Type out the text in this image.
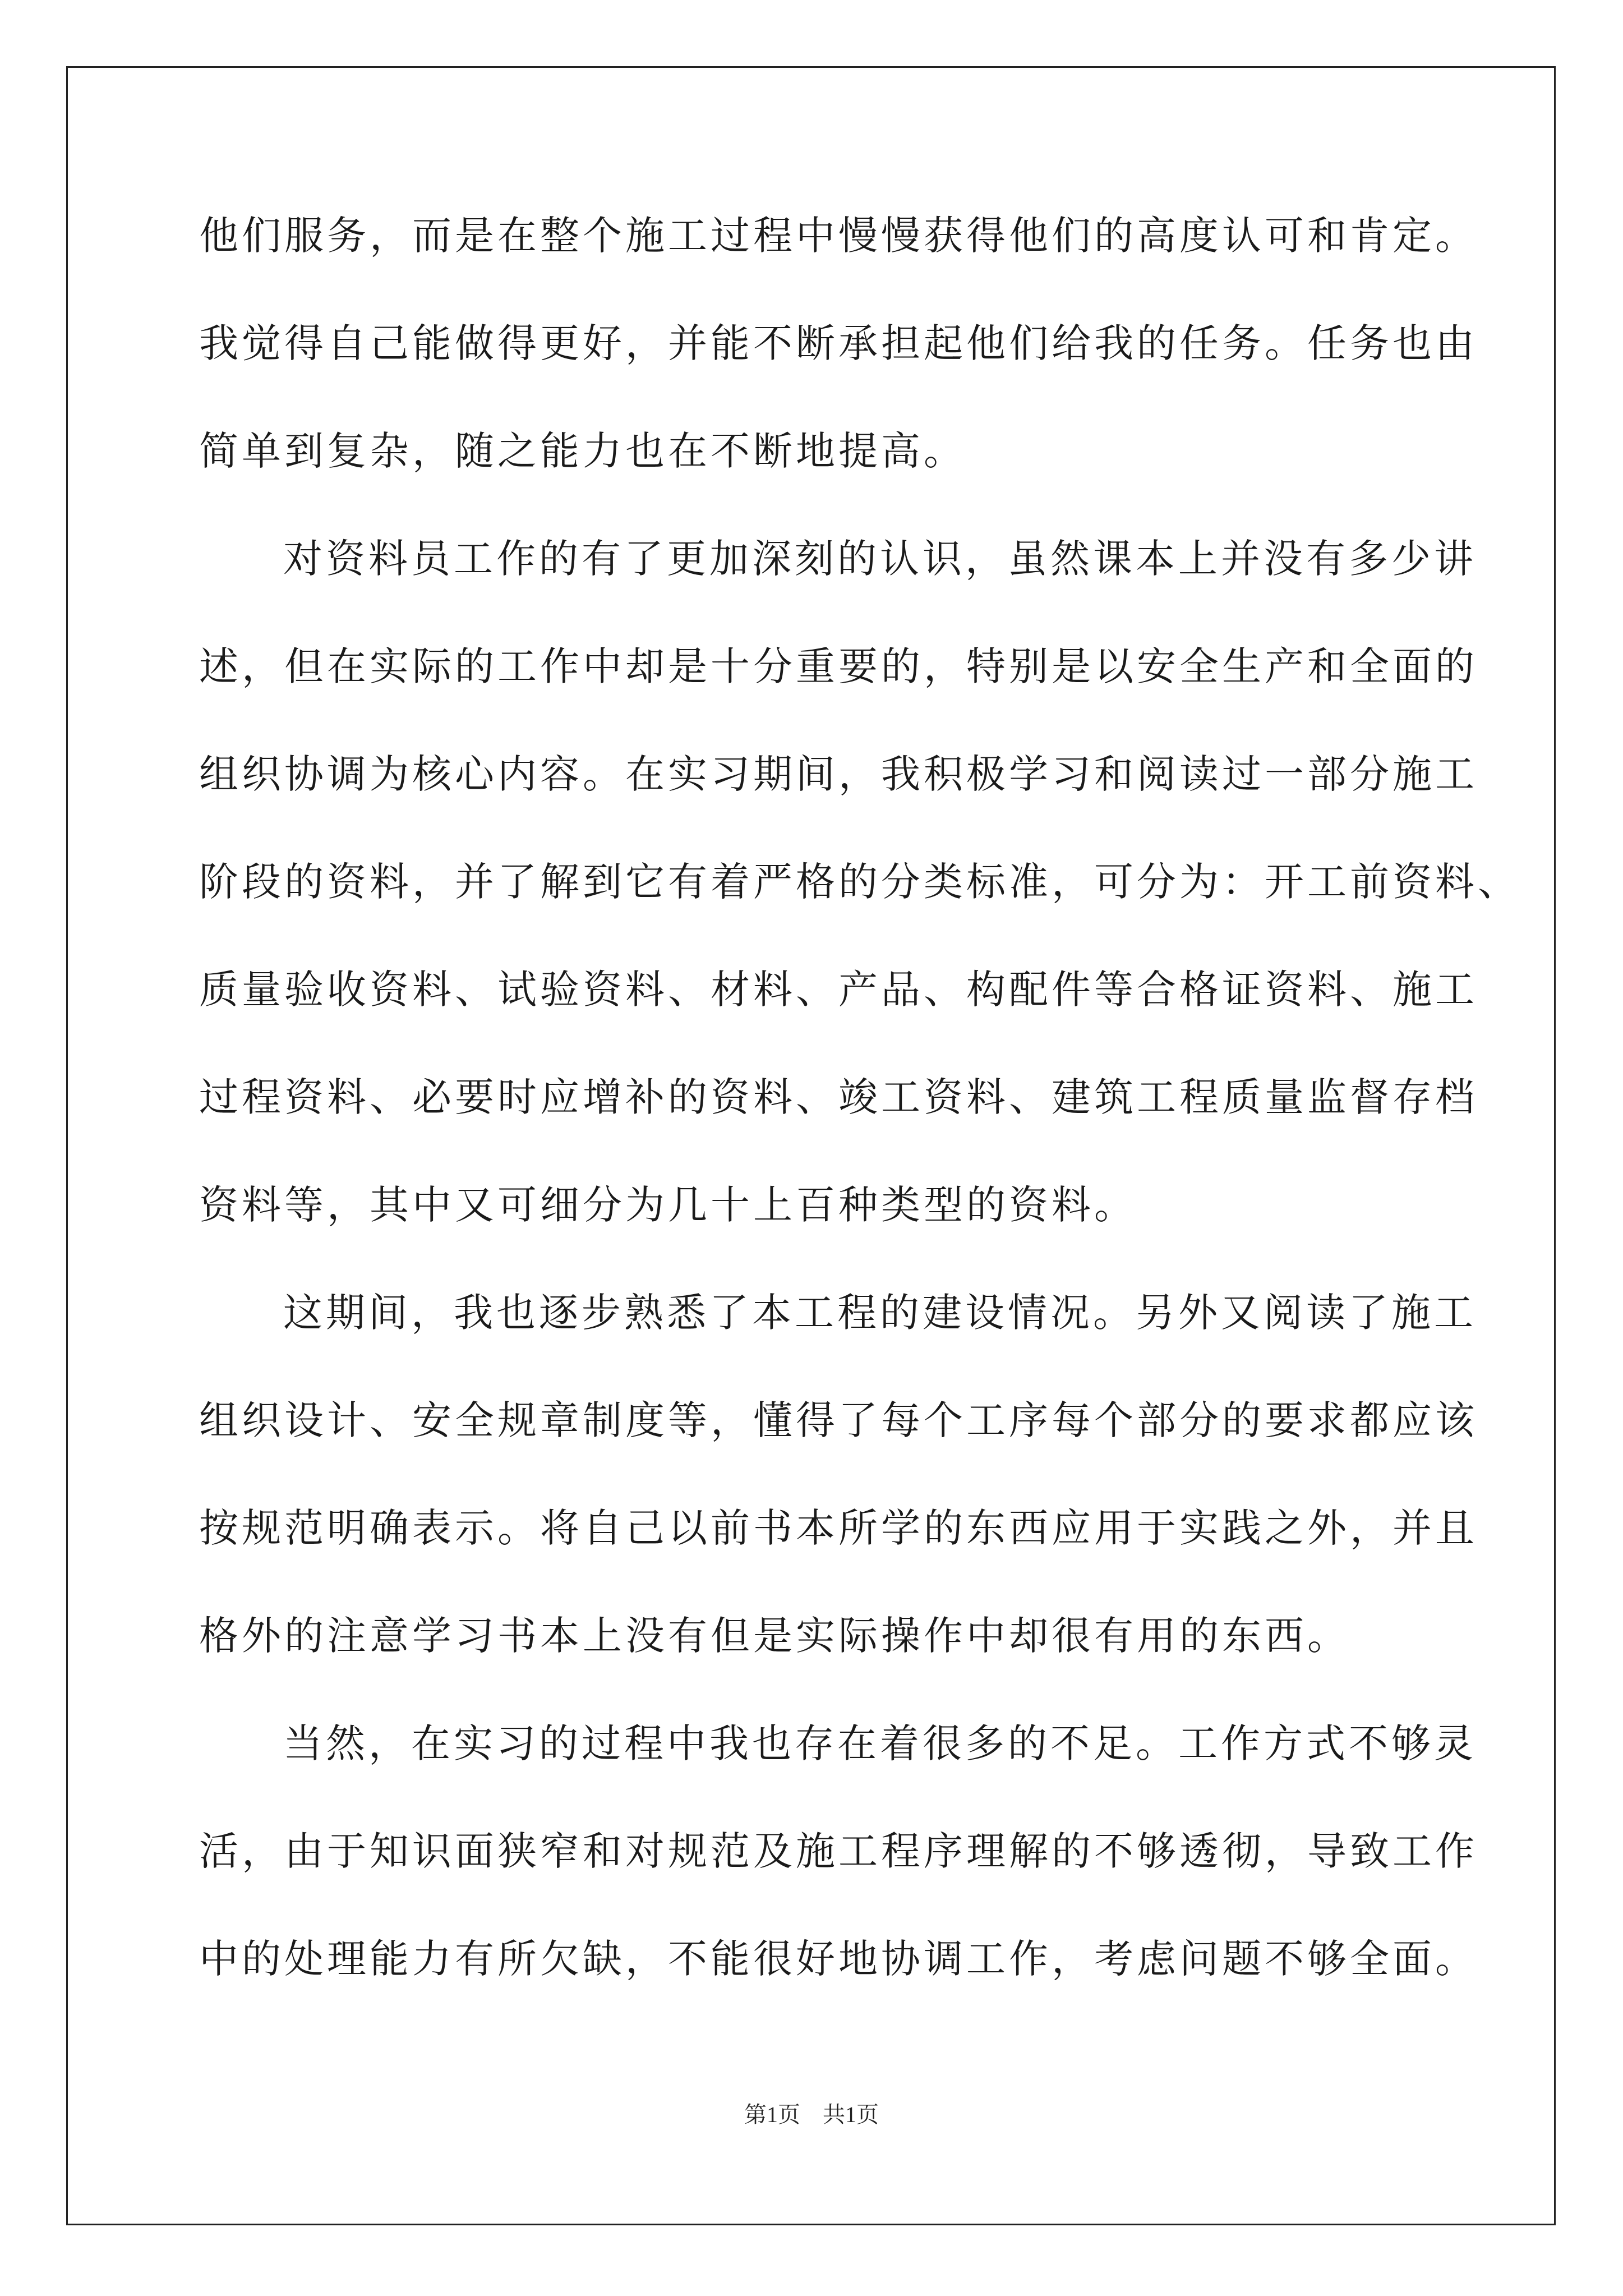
他们服务，而是在整个施工过程中慢慢获得他们的高度认可和肯定。
我觉得自己能做得更好，并能不断承担起他们给我的任务。任务也由
简单到复杂，随之能力也在不断地提高。
对资料员工作的有了更加深刻的认识，虽然课本上并没有多少讲
述，但在实际的工作中却是十分重要的，特别是以安全生产和全面的
组织协调为核心内容。在实习期间，我积极学习和阅读过一部分施工
阶段的资料，并了解到它有着严格的分类标准，可分为：开工前资料、
质量验收资料、试验资料、材料、产品、构配件等合格证资料、施工
过程资料、必要时应增补的资料、竣工资料、建筑工程质量监督存档
资料等，其中又可细分为几十上百种类型的资料。
这期间，我也逐步熟悉了本工程的建设情况。另外又阅读了施工
组织设计、安全规章制度等，懂得了每个工序每个部分的要求都应该
按规范明确表示。将自己以前书本所学的东西应用于实践之外，并且
格外的注意学习书本上没有但是实际操作中却很有用的东西。
当然，在实习的过程中我也存在着很多的不足。工作方式不够灵
活，由于知识面狭窄和对规范及施工程序理解的不够透彻，导致工作
中的处理能力有所欠缺，不能很好地协调工作，考虑问题不够全面。
第1页　共1页
